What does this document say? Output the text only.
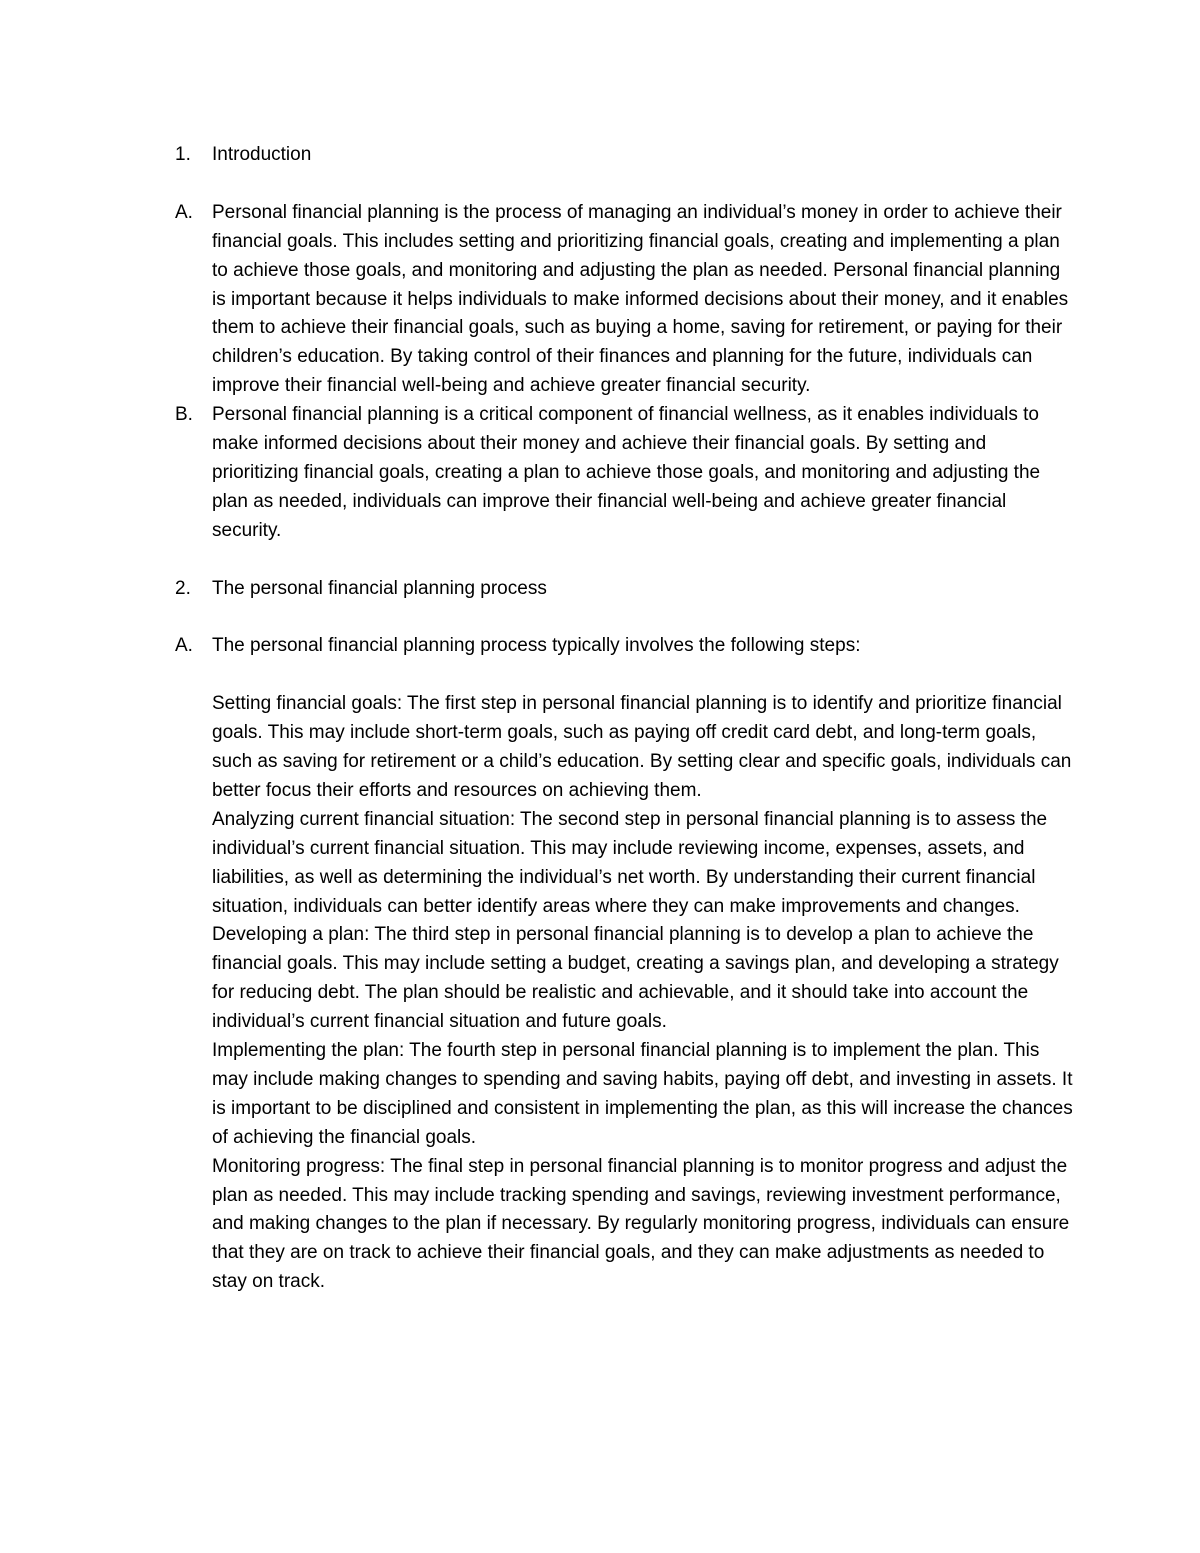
1.	Introduction
A.	Personal financial planning is the process of managing an individual’s money in order to achieve their financial goals. This includes setting and prioritizing financial goals, creating and implementing a plan to achieve those goals, and monitoring and adjusting the plan as needed. Personal financial planning is important because it helps individuals to make informed decisions about their money, and it enables them to achieve their financial goals, such as buying a home, saving for retirement, or paying for their children’s education. By taking control of their finances and planning for the future, individuals can improve their financial well-being and achieve greater financial security.
B.	Personal financial planning is a critical component of financial wellness, as it enables individuals to make informed decisions about their money and achieve their financial goals. By setting and prioritizing financial goals, creating a plan to achieve those goals, and monitoring and adjusting the plan as needed, individuals can improve their financial well-being and achieve greater financial security.
2.	The personal financial planning process
A.	The personal financial planning process typically involves the following steps:
Setting financial goals: The first step in personal financial planning is to identify and prioritize financial goals. This may include short-term goals, such as paying off credit card debt, and long-term goals, such as saving for retirement or a child’s education. By setting clear and specific goals, individuals can better focus their efforts and resources on achieving them.
Analyzing current financial situation: The second step in personal financial planning is to assess the individual’s current financial situation. This may include reviewing income, expenses, assets, and liabilities, as well as determining the individual’s net worth. By understanding their current financial situation, individuals can better identify areas where they can make improvements and changes.
Developing a plan: The third step in personal financial planning is to develop a plan to achieve the financial goals. This may include setting a budget, creating a savings plan, and developing a strategy for reducing debt. The plan should be realistic and achievable, and it should take into account the individual’s current financial situation and future goals.
Implementing the plan: The fourth step in personal financial planning is to implement the plan. This may include making changes to spending and saving habits, paying off debt, and investing in assets. It is important to be disciplined and consistent in implementing the plan, as this will increase the chances of achieving the financial goals.
Monitoring progress: The final step in personal financial planning is to monitor progress and adjust the plan as needed. This may include tracking spending and savings, reviewing investment performance, and making changes to the plan if necessary. By regularly monitoring progress, individuals can ensure that they are on track to achieve their financial goals, and they can make adjustments as needed to stay on track.
